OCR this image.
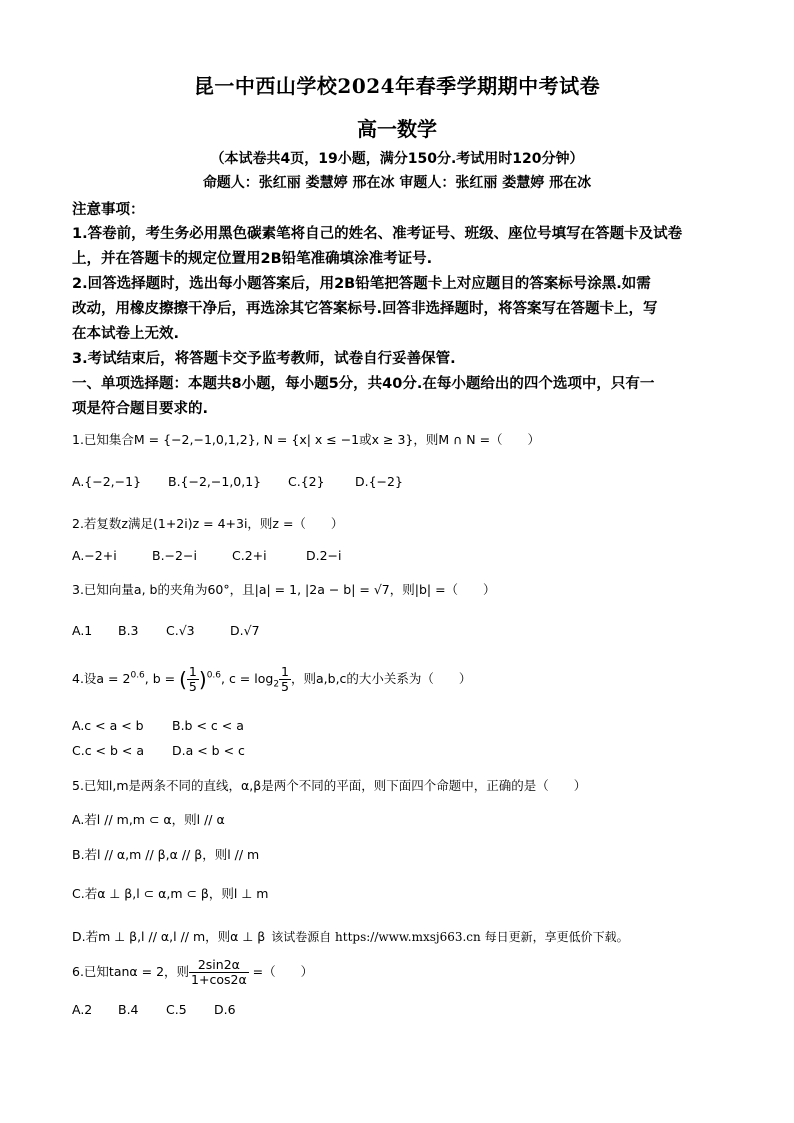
昆一中西山学校2024年春季学期期中考试卷
高一数学
（本试卷共4页，19小题，满分150分.考试用时120分钟）
命题人：张红丽 娄慧婷 邢在冰 审题人：张红丽 娄慧婷 邢在冰
注意事项：
1.答卷前，考生务必用黑色碳素笔将自己的姓名、准考证号、班级、座位号填写在答题卡及试卷
上，并在答题卡的规定位置用2B铅笔准确填涂准考证号.
2.回答选择题时，选出每小题答案后，用2B铅笔把答题卡上对应题目的答案标号涂黑.如需
改动，用橡皮擦擦干净后，再选涂其它答案标号.回答非选择题时，将答案写在答题卡上，写
在本试卷上无效.
3.考试结束后，将答题卡交予监考教师，试卷自行妥善保管.
一、单项选择题：本题共8小题，每小题5分，共40分.在每小题给出的四个选项中，只有一
项是符合题目要求的.
1.已知集合M = {−2,−1,0,1,2}, N = {x| x ≤ −1或x ≥ 3}，则M ∩ N =（　　）
A.{−2,−1} B.{−2,−1,0,1} C.{2} D.{−2}
2.若复数z满足(1+2i)z = 4+3i，则z =（　　）
A.−2+i	B.−2−i	C.2+i	D.2−i
3.已知向量a, b的夹角为60°，且|a| = 1, |2a − b| = √7，则|b| =（　　）
A.1 B.3 C.√3	D.√7
4.设$a = 2^{0.6}$, b = ( $\frac{1}{5} )^{0.6}$, $c = \log_2 \frac{1}{5}$ ，则a,b,c的大小关系为（　　）
A.c < a < b B.b < c < a
C.c < b < a D.a < b < c
5.已知l,m是两条不同的直线，α,β是两个不同的平面，则下面四个命题中，正确的是（　　）
A.若l // m,m ⊂ α，则l // α
B.若l // α,m // β,α // β，则l // m
C.若α ⊥ β,l ⊂ α,m ⊂ β，则l ⊥ m
D.若m ⊥ β,l // α,l // m，则α ⊥ β 该试卷源自 https://www.mxsj663.cn 每日更新，享更低价下载。
6.已知tanα = 2，则 $\frac{2\sin 2\alpha}{1+\cos 2\alpha}$ =（　　）
A.2 B.4 C.5 D.6
